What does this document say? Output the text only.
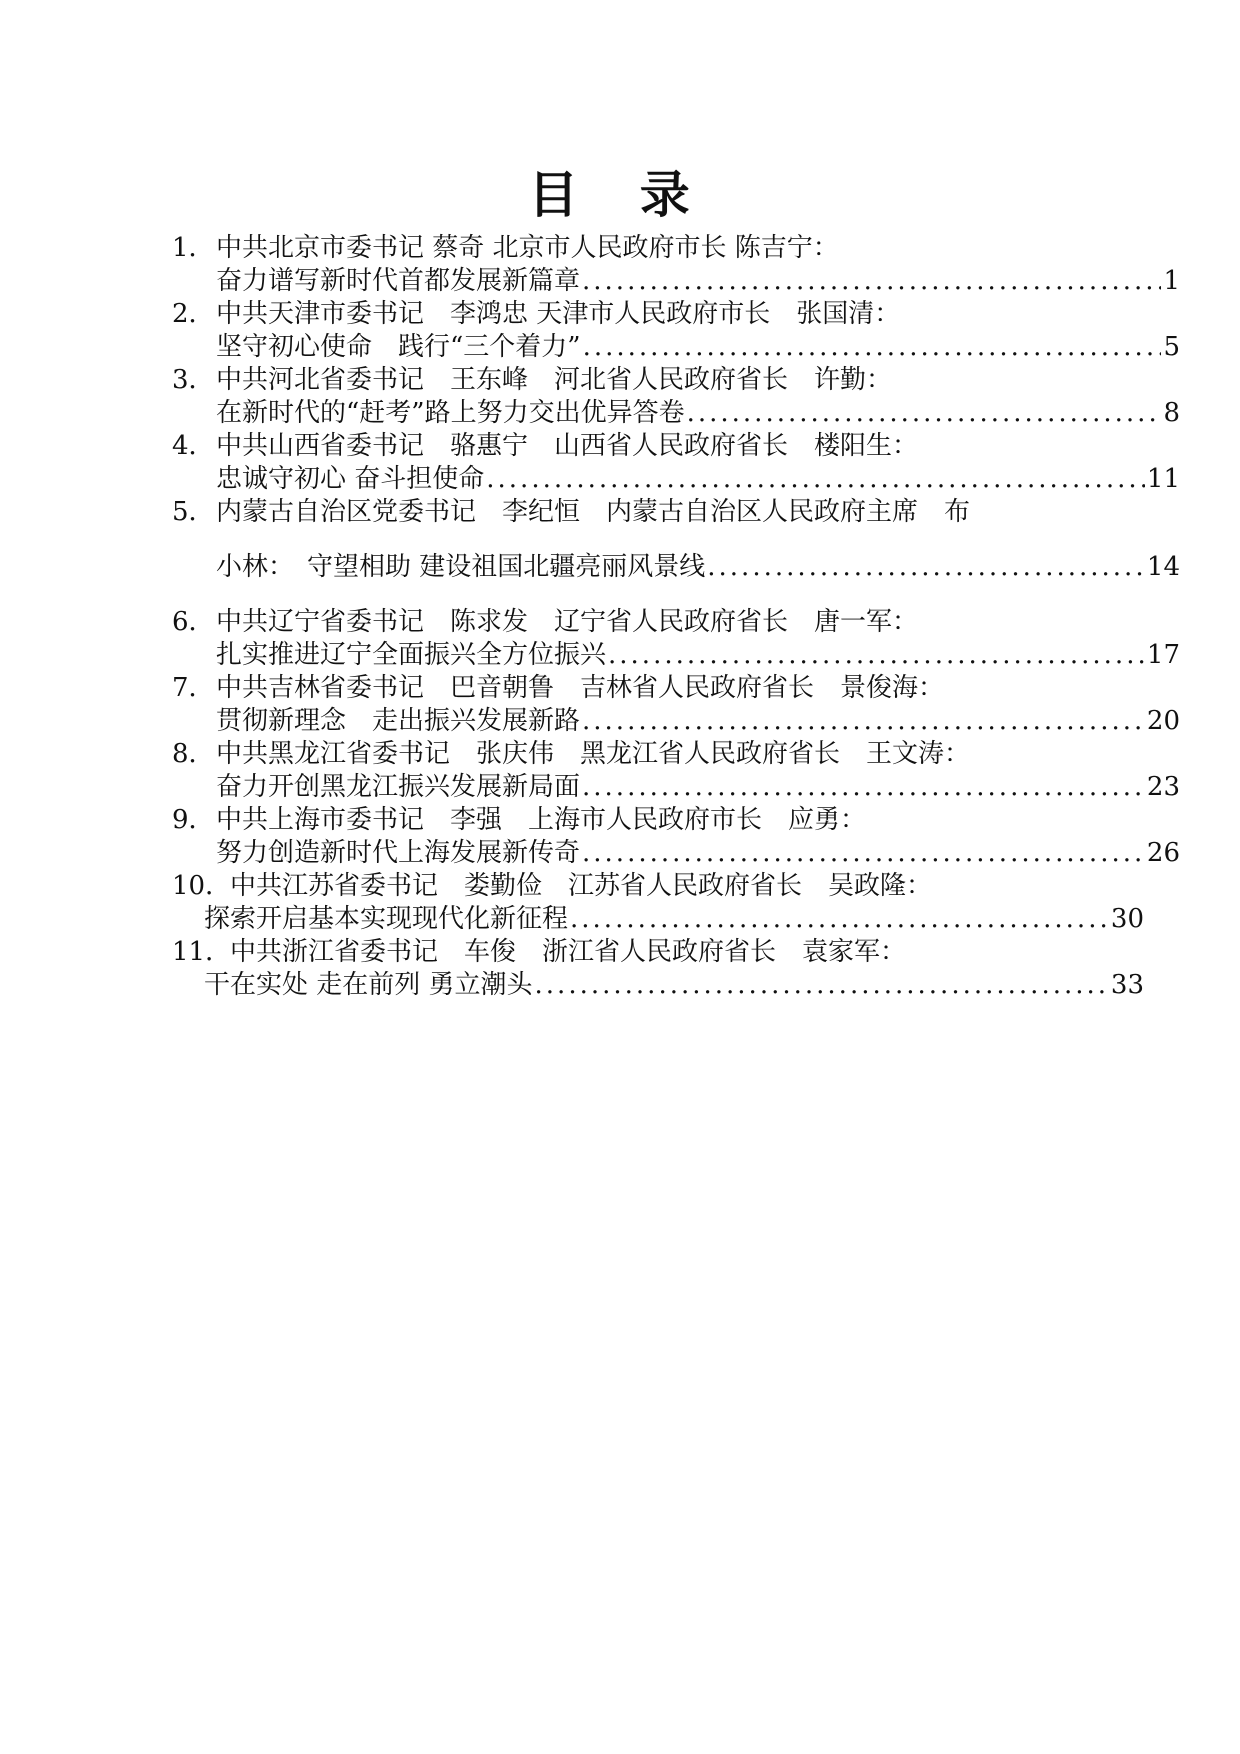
目 录
1．中共北京市委书记 蔡奇 北京市人民政府市长 陈吉宁：
奋力谱写新时代首都发展新篇章 .....	1
2．中共天津市委书记　李鸿忠 天津市人民政府市长　张国清：
坚守初心使命　践行“三个着力” .....	5
3．中共河北省委书记　王东峰　河北省人民政府省长　许勤：
在新时代的“赶考”路上努力交出优异答卷 .....	8
4．中共山西省委书记　骆惠宁　山西省人民政府省长　楼阳生：
忠诚守初心 奋斗担使命 .....	11
5．内蒙古自治区党委书记　李纪恒　内蒙古自治区人民政府主席　布
小林：　守望相助 建设祖国北疆亮丽风景线 .....	14
6．中共辽宁省委书记　陈求发　辽宁省人民政府省长　唐一军：
扎实推进辽宁全面振兴全方位振兴 .....	17
7．中共吉林省委书记　巴音朝鲁　吉林省人民政府省长　景俊海：
贯彻新理念　走出振兴发展新路 .....	20
8．中共黑龙江省委书记　张庆伟　黑龙江省人民政府省长　王文涛：
奋力开创黑龙江振兴发展新局面 .....	23
9．中共上海市委书记　李强　上海市人民政府市长　应勇：
努力创造新时代上海发展新传奇 .....	26
10．中共江苏省委书记　娄勤俭　江苏省人民政府省长　吴政隆：
探索开启基本实现现代化新征程 .....	30
11．中共浙江省委书记　车俊　浙江省人民政府省长　袁家军：
干在实处 走在前列 勇立潮头 .....	33
